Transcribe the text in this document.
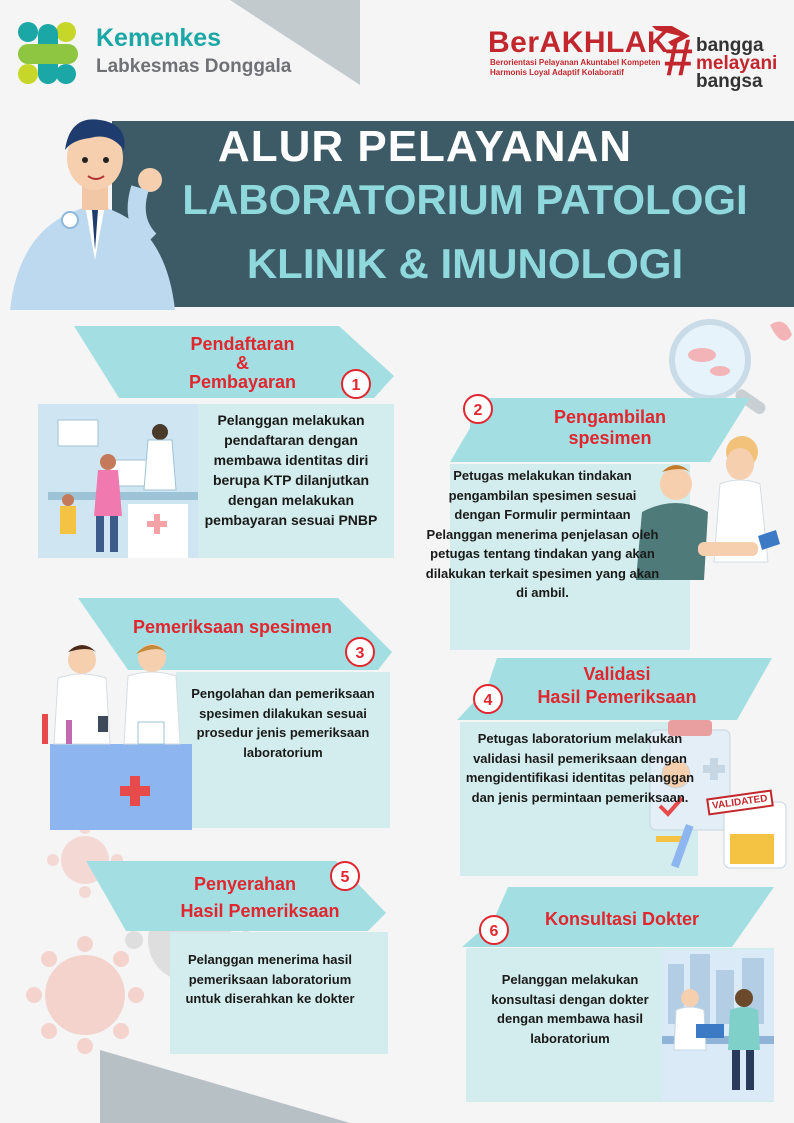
Kemenkes
Labkesmas Donggala
BerAKHLAK
Berorientasi Pelayanan Akuntabel Kompeten
Harmonis Loyal Adaptif Kolaboratif # bangga
melayani
bangsa
ALUR PELAYANAN
LABORATORIUM PATOLOGI
KLINIK & IMUNOLOGI
Pendaftaran
&
Pembayaran	1
Pelanggan melakukan pendaftaran dengan membawa identitas diri berupa KTP dilanjutkan dengan melakukan pembayaran sesuai PNBP
2	Pengambilan
spesimen
Petugas melakukan tindakan pengambilan spesimen sesuai dengan Formulir permintaan Pelanggan menerima penjelasan oleh petugas tentang tindakan yang akan dilakukan terkait spesimen yang akan di ambil.
Pemeriksaan spesimen
3
Pengolahan dan pemeriksaan spesimen dilakukan sesuai prosedur jenis pemeriksaan laboratorium
4
Validasi
Hasil Pemeriksaan
VALIDATED
Petugas laboratorium melakukan validasi hasil pemeriksaan dengan mengidentifikasi identitas pelanggan dan jenis permintaan pemeriksaan.
5
Penyerahan
Hasil Pemeriksaan
Pelanggan menerima hasil pemeriksaan laboratorium untuk diserahkan ke dokter
6
Konsultasi Dokter
Pelanggan melakukan konsultasi dengan dokter dengan membawa hasil laboratorium
